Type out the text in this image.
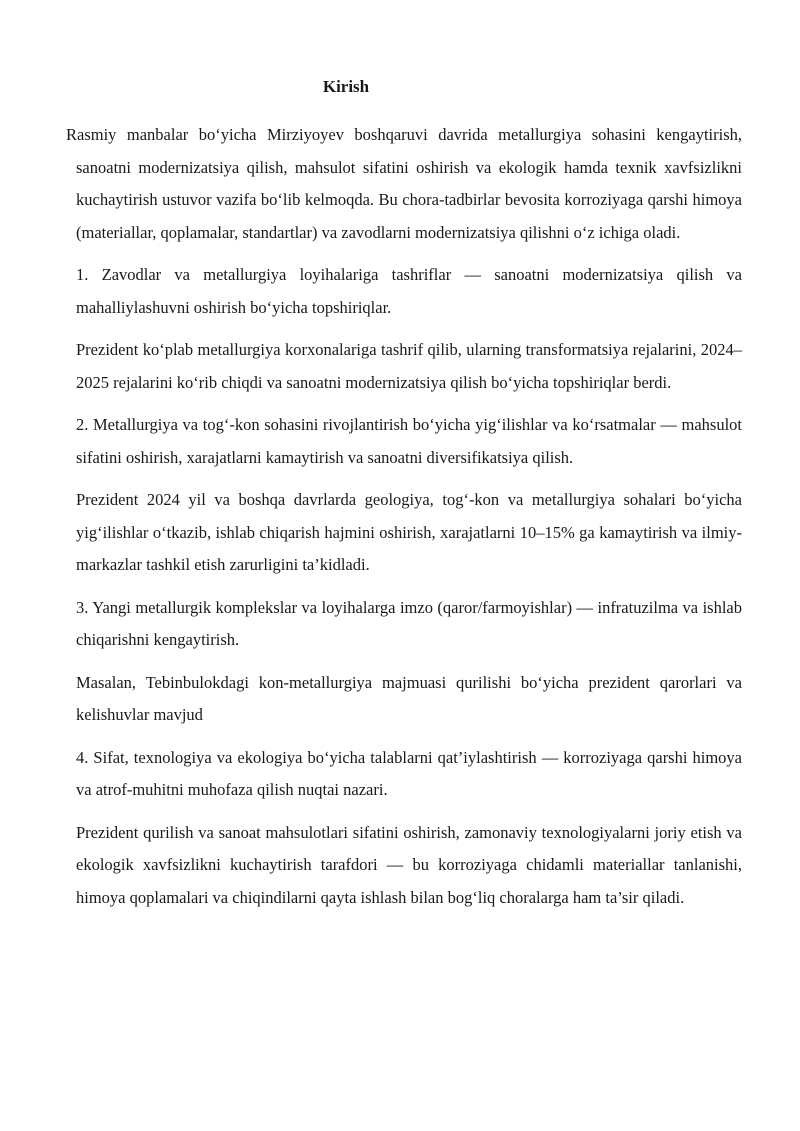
Kirish

Rasmiy manbalar bo‘yicha Mirziyoyev boshqaruvi davrida metallurgiya sohasini kengaytirish, sanoatni modernizatsiya qilish, mahsulot sifatini oshirish va ekologik hamda texnik xavfsizlikni kuchaytirish ustuvor vazifa bo‘lib kelmoqda. Bu chora-tadbirlar bevosita korroziyaga qarshi himoya (materiallar, qoplamalar, standartlar) va zavodlarni modernizatsiya qilishni o‘z ichiga oladi.

1. Zavodlar va metallurgiya loyihalariga tashriflar — sanoatni modernizatsiya qilish va mahalliylashuvni oshirish bo‘yicha topshiriqlar.

Prezident ko‘plab metallurgiya korxonalariga tashrif qilib, ularning transformatsiya rejalarini, 2024–2025 rejalarini ko‘rib chiqdi va sanoatni modernizatsiya qilish bo‘yicha topshiriqlar berdi.

2. Metallurgiya va tog‘-kon sohasini rivojlantirish bo‘yicha yig‘ilishlar va ko‘rsatmalar — mahsulot sifatini oshirish, xarajatlarni kamaytirish va sanoatni diversifikatsiya qilish.

Prezident 2024 yil va boshqa davrlarda geologiya, tog‘-kon va metallurgiya sohalari bo‘yicha yig‘ilishlar o‘tkazib, ishlab chiqarish hajmini oshirish, xarajatlarni 10–15% ga kamaytirish va ilmiy-markazlar tashkil etish zarurligini ta’kidladi.

3. Yangi metallurgik komplekslar va loyihalarga imzo (qaror/farmoyishlar) — infratuzilma va ishlab chiqarishni kengaytirish.

Masalan, Tebinbulokdagi kon-metallurgiya majmuasi qurilishi bo‘yicha prezident qarorlari va kelishuvlar mavjud

4. Sifat, texnologiya va ekologiya bo‘yicha talablarni qat’iylashtirish — korroziyaga qarshi himoya va atrof-muhitni muhofaza qilish nuqtai nazari.

Prezident qurilish va sanoat mahsulotlari sifatini oshirish, zamonaviy texnologiyalarni joriy etish va ekologik xavfsizlikni kuchaytirish tarafdori — bu korroziyaga chidamli materiallar tanlanishi, himoya qoplamalari va chiqindilarni qayta ishlash bilan bog‘liq choralarga ham ta’sir qiladi.
